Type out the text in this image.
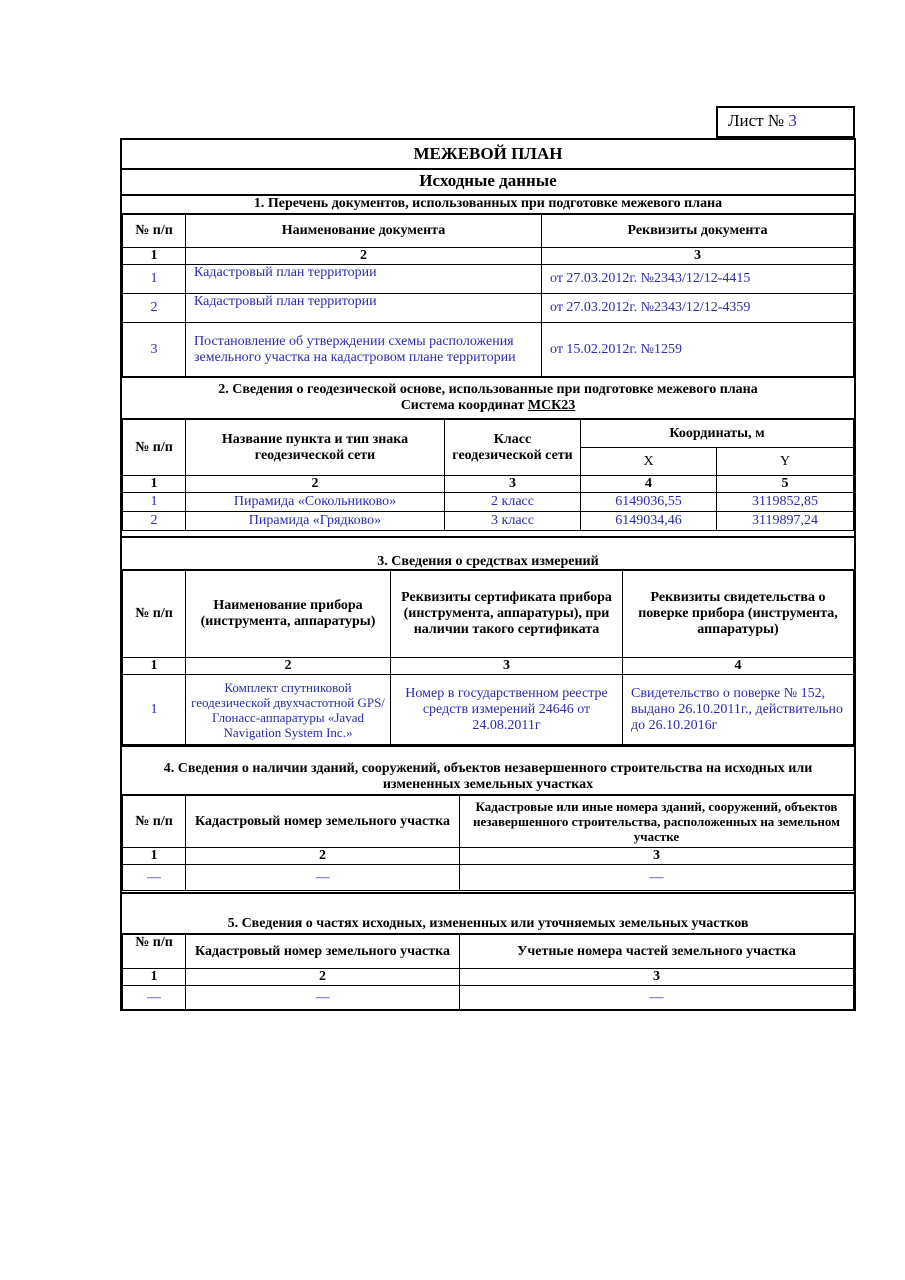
Лист № 3
МЕЖЕВОЙ ПЛАН
Исходные данные
1. Перечень документов, использованных при подготовке межевого плана
№ п/п	Наименование документа	Реквизиты документа
1	2	3
1	Кадастровый план территории	от 27.03.2012г. №2343/12/12-4415
2	Кадастровый план территории	от 27.03.2012г. №2343/12/12-4359
3	Постановление об утверждении схемы расположения земельного участка на кадастровом плане территории	от 15.02.2012г. №1259
2. Сведения о геодезической основе, использованные при подготовке межевого плана
Система координат МСК23
№ п/п	Название пункта и тип знака геодезической сети	Класс геодезической сети	Координаты, м	
			X	Y
1	2	3	4	5
1	Пирамида «Сокольниково»	2 класс	6149036,55	3119852,85
2	Пирамида «Грядково»	3 класс	6149034,46	3119897,24
3. Сведения о средствах измерений
№ п/п	Наименование прибора (инструмента, аппаратуры)	Реквизиты сертификата прибора (инструмента, аппаратуры), при наличии такого сертификата	Реквизиты свидетельства о поверке прибора (инструмента, аппаратуры)
1	2	3	4
1	Комплект спутниковой геодезической двухчастотной GPS/Глонасс-аппаратуры «Javad Navigation System Inc.»	Номер в государственном реестре средств измерений 24646 от 24.08.2011г	Свидетельство о поверке № 152, выдано 26.10.2011г., действительно до 26.10.2016г
4. Сведения о наличии зданий, сооружений, объектов незавершенного строительства на исходных или измененных земельных участках
№ п/п	Кадастровый номер земельного участка	Кадастровые или иные номера зданий, сооружений, объектов незавершенного строительства, расположенных на земельном участке
1	2	3
—	—	—
5. Сведения о частях исходных, измененных или уточняемых земельных участков
№ п/п	Кадастровый номер земельного участка	Учетные номера частей земельного участка
1	2	3
—	—	—
